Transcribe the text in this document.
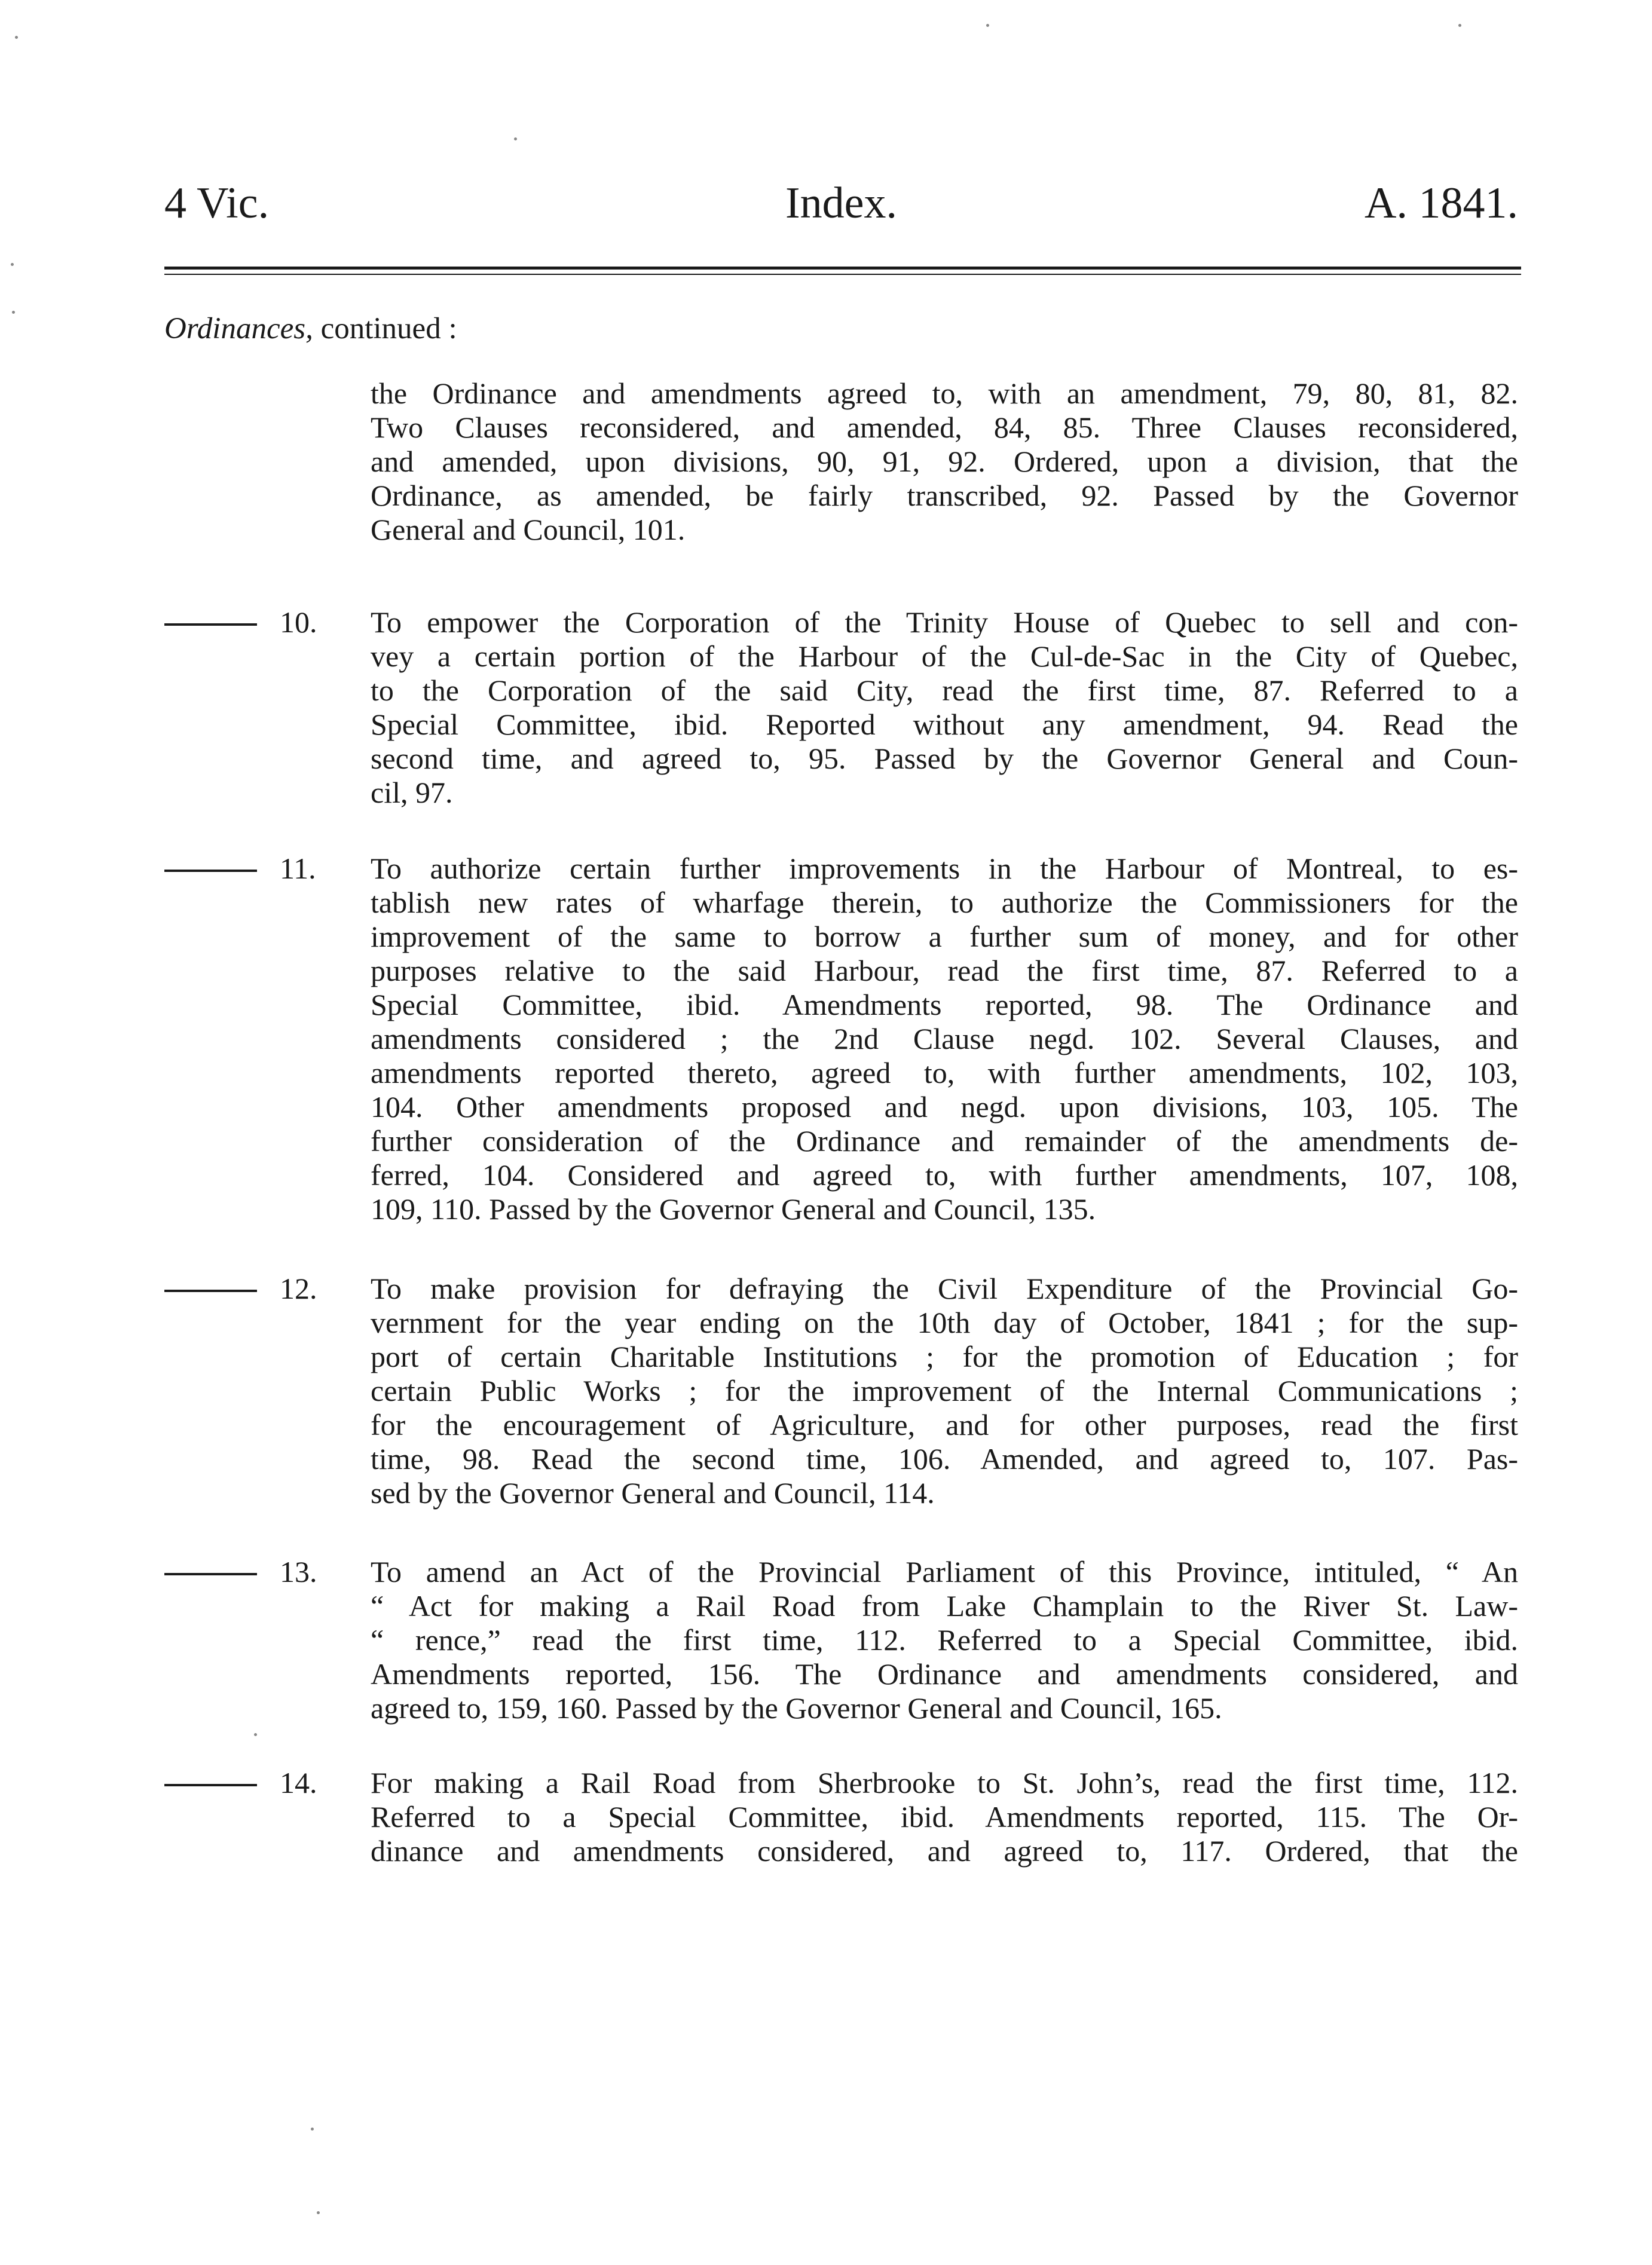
4 Vic.	Index.	A. 1841.
Ordinances, continued :
the Ordinance and amendments agreed to, with an amendment, 79, 80, 81, 82.
Two Clauses reconsidered, and amended, 84, 85. Three Clauses reconsidered,
and amended, upon divisions, 90, 91, 92. Ordered, upon a division, that the
Ordinance, as amended, be fairly transcribed, 92. Passed by the Governor
General and Council, 101.
10. To empower the Corporation of the Trinity House of Quebec to sell and con-
vey a certain portion of the Harbour of the Cul-de-Sac in the City of Quebec,
to the Corporation of the said City, read the first time, 87. Referred to a
Special Committee, ibid. Reported without any amendment, 94. Read the
second time, and agreed to, 95. Passed by the Governor General and Coun-
cil, 97.
11. To authorize certain further improvements in the Harbour of Montreal, to es-
tablish new rates of wharfage therein, to authorize the Commissioners for the
improvement of the same to borrow a further sum of money, and for other
purposes relative to the said Harbour, read the first time, 87. Referred to a
Special Committee, ibid. Amendments reported, 98. The Ordinance and
amendments considered ; the 2nd Clause negd. 102. Several Clauses, and
amendments reported thereto, agreed to, with further amendments, 102, 103,
104. Other amendments proposed and negd. upon divisions, 103, 105. The
further consideration of the Ordinance and remainder of the amendments de-
ferred, 104. Considered and agreed to, with further amendments, 107, 108,
109, 110. Passed by the Governor General and Council, 135.
12. To make provision for defraying the Civil Expenditure of the Provincial Go-
vernment for the year ending on the 10th day of October, 1841 ; for the sup-
port of certain Charitable Institutions ; for the promotion of Education ; for
certain Public Works ; for the improvement of the Internal Communications ;
for the encouragement of Agriculture, and for other purposes, read the first
time, 98. Read the second time, 106. Amended, and agreed to, 107. Pas-
sed by the Governor General and Council, 114.
13. To amend an Act of the Provincial Parliament of this Province, intituled, “ An
“ Act for making a Rail Road from Lake Champlain to the River St. Law-
“ rence,” read the first time, 112. Referred to a Special Committee, ibid.
Amendments reported, 156. The Ordinance and amendments considered, and
agreed to, 159, 160. Passed by the Governor General and Council, 165.
14. For making a Rail Road from Sherbrooke to St. John’s, read the first time, 112.
Referred to a Special Committee, ibid. Amendments reported, 115. The Or-
dinance and amendments considered, and agreed to, 117. Ordered, that the
